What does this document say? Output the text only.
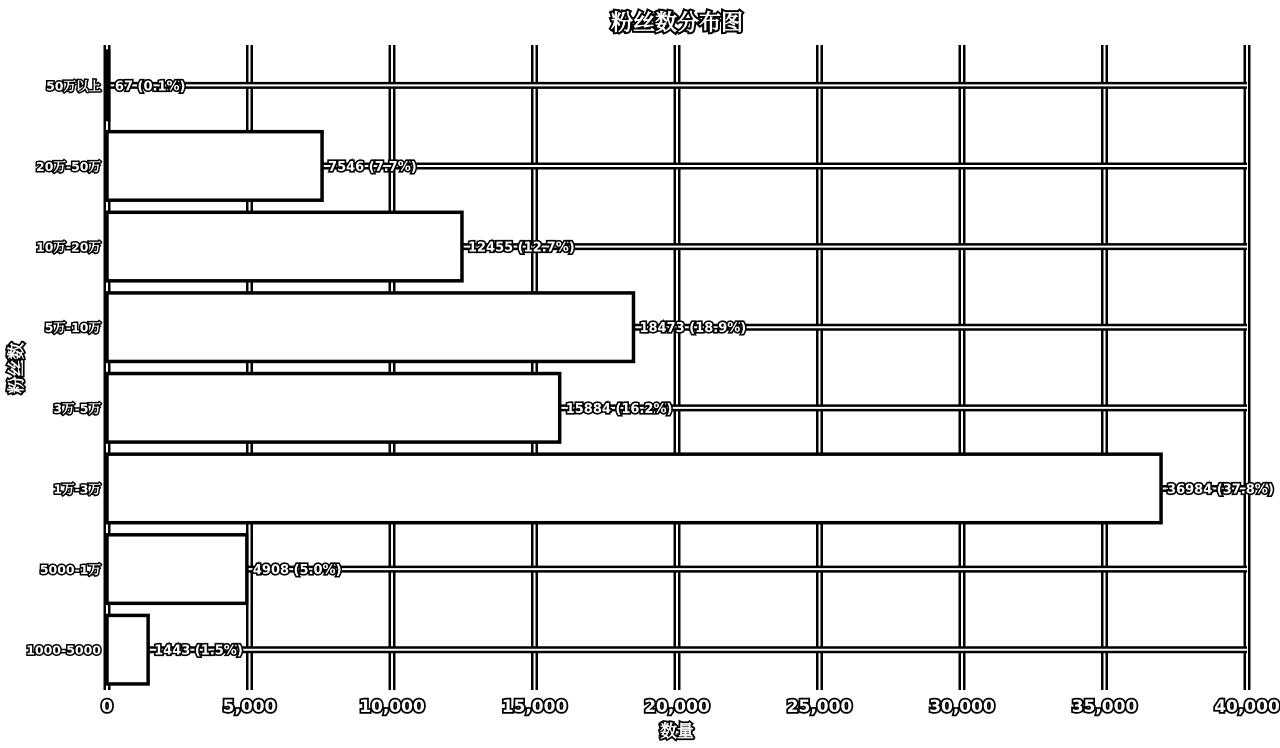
0	5,000	10,000	15,000	20,000	25,000	30,000	35,000	40,000
1000-5000	1443 (1.5%)
5000-1万	4908 (5.0%)
1万-3万	36984 (37.8%)
3万-5万	15884 (16.2%)
5万-10万	18473 (18.9%)
10万-20万	12455 (12.7%)
20万-50万	7546 (7.7%)
50万以上 67 (0.1%)
粉丝数分布图
数量
粉丝数
